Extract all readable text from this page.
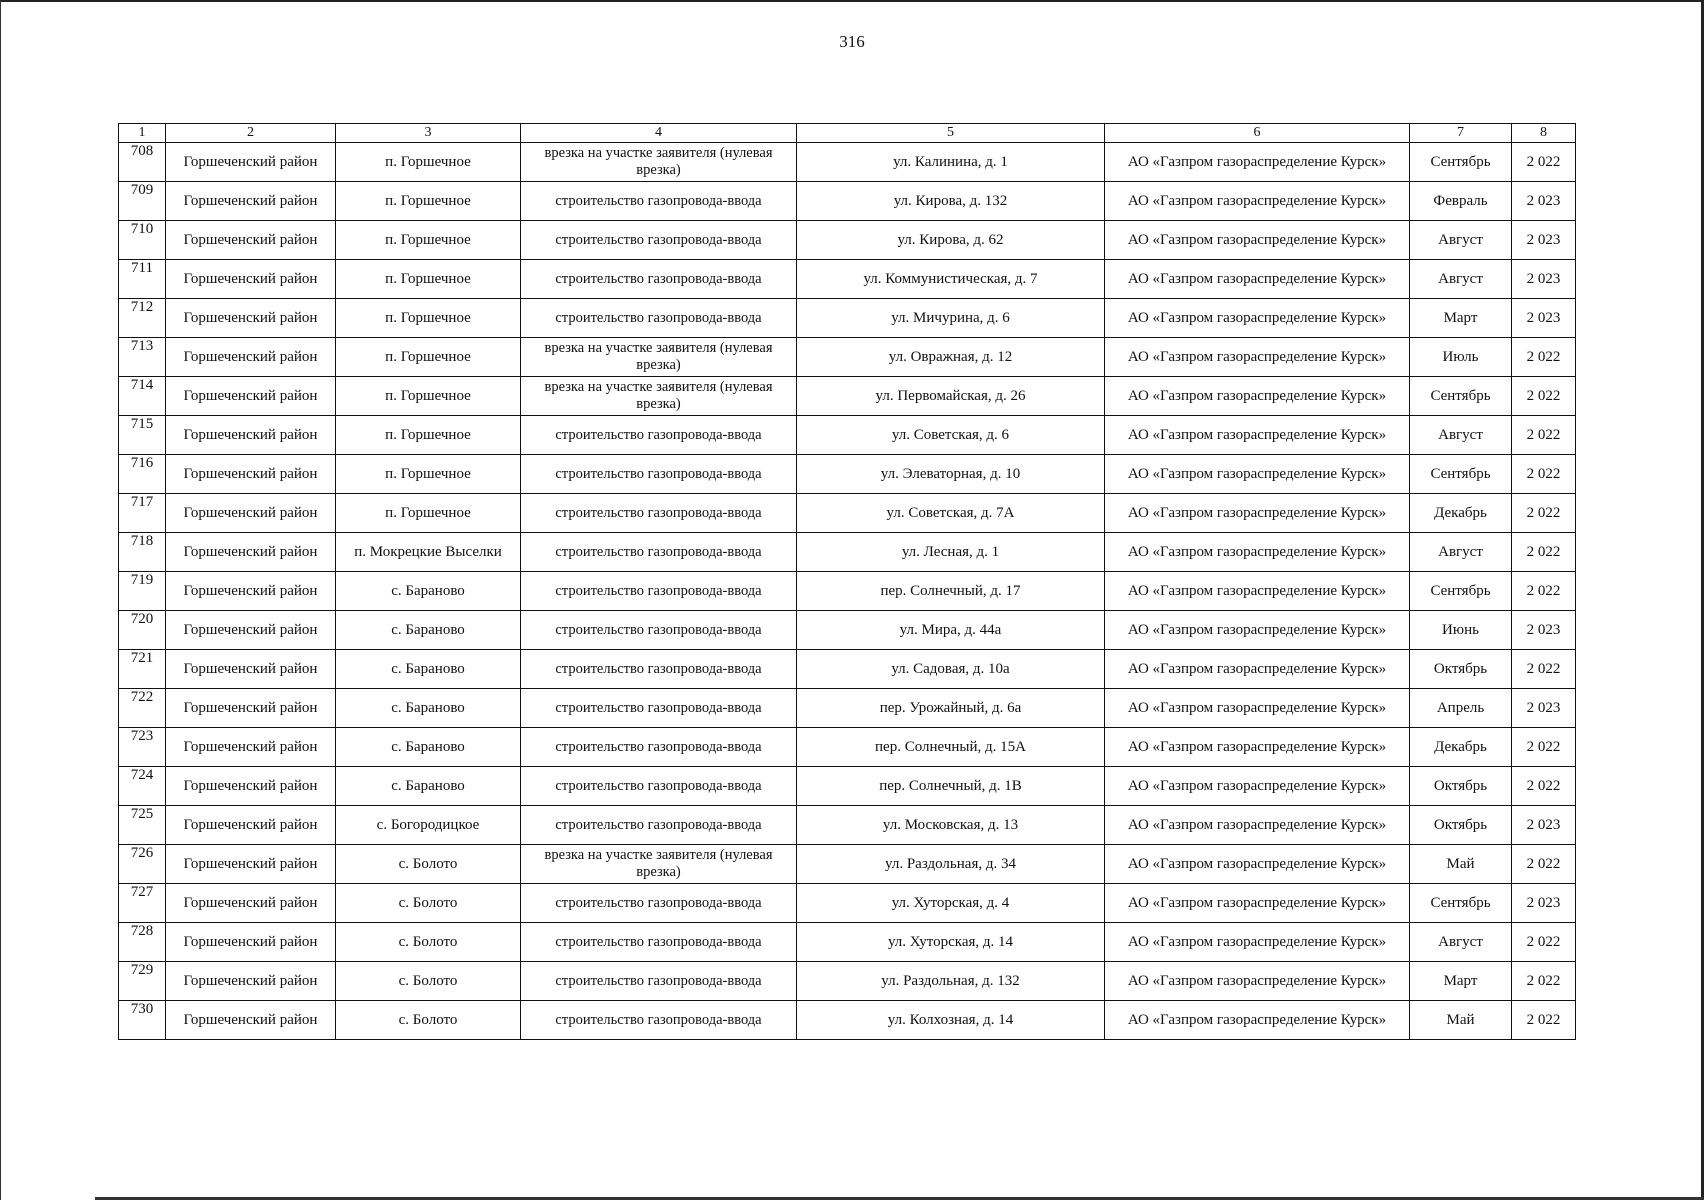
316
1	2	3	4	5	6	7	8
708	Горшеченский район	п. Горшечное	врезка на участке заявителя (нулевая врезка)	ул. Калинина, д. 1	АО «Газпром газораспределение Курск»	Сентябрь	2 022
709	Горшеченский район	п. Горшечное	строительство газопровода-ввода	ул. Кирова, д. 132	АО «Газпром газораспределение Курск»	Февраль	2 023
710	Горшеченский район	п. Горшечное	строительство газопровода-ввода	ул. Кирова, д. 62	АО «Газпром газораспределение Курск»	Август	2 023
711	Горшеченский район	п. Горшечное	строительство газопровода-ввода	ул. Коммунистическая, д. 7	АО «Газпром газораспределение Курск»	Август	2 023
712	Горшеченский район	п. Горшечное	строительство газопровода-ввода	ул. Мичурина, д. 6	АО «Газпром газораспределение Курск»	Март	2 023
713	Горшеченский район	п. Горшечное	врезка на участке заявителя (нулевая врезка)	ул. Овражная, д. 12	АО «Газпром газораспределение Курск»	Июль	2 022
714	Горшеченский район	п. Горшечное	врезка на участке заявителя (нулевая врезка)	ул. Первомайская, д. 26	АО «Газпром газораспределение Курск»	Сентябрь	2 022
715	Горшеченский район	п. Горшечное	строительство газопровода-ввода	ул. Советская, д. 6	АО «Газпром газораспределение Курск»	Август	2 022
716	Горшеченский район	п. Горшечное	строительство газопровода-ввода	ул. Элеваторная, д. 10	АО «Газпром газораспределение Курск»	Сентябрь	2 022
717	Горшеченский район	п. Горшечное	строительство газопровода-ввода	ул. Советская, д. 7А	АО «Газпром газораспределение Курск»	Декабрь	2 022
718	Горшеченский район	п. Мокрецкие Выселки	строительство газопровода-ввода	ул. Лесная, д. 1	АО «Газпром газораспределение Курск»	Август	2 022
719	Горшеченский район	с. Бараново	строительство газопровода-ввода	пер. Солнечный, д. 17	АО «Газпром газораспределение Курск»	Сентябрь	2 022
720	Горшеченский район	с. Бараново	строительство газопровода-ввода	ул. Мира, д. 44а	АО «Газпром газораспределение Курск»	Июнь	2 023
721	Горшеченский район	с. Бараново	строительство газопровода-ввода	ул. Садовая, д. 10а	АО «Газпром газораспределение Курск»	Октябрь	2 022
722	Горшеченский район	с. Бараново	строительство газопровода-ввода	пер. Урожайный, д. 6а	АО «Газпром газораспределение Курск»	Апрель	2 023
723	Горшеченский район	с. Бараново	строительство газопровода-ввода	пер. Солнечный, д. 15А	АО «Газпром газораспределение Курск»	Декабрь	2 022
724	Горшеченский район	с. Бараново	строительство газопровода-ввода	пер. Солнечный, д. 1В	АО «Газпром газораспределение Курск»	Октябрь	2 022
725	Горшеченский район	с. Богородицкое	строительство газопровода-ввода	ул. Московская, д. 13	АО «Газпром газораспределение Курск»	Октябрь	2 023
726	Горшеченский район	с. Болото	врезка на участке заявителя (нулевая врезка)	ул. Раздольная, д. 34	АО «Газпром газораспределение Курск»	Май	2 022
727	Горшеченский район	с. Болото	строительство газопровода-ввода	ул. Хуторская, д. 4	АО «Газпром газораспределение Курск»	Сентябрь	2 023
728	Горшеченский район	с. Болото	строительство газопровода-ввода	ул. Хуторская, д. 14	АО «Газпром газораспределение Курск»	Август	2 022
729	Горшеченский район	с. Болото	строительство газопровода-ввода	ул. Раздольная, д. 132	АО «Газпром газораспределение Курск»	Март	2 022
730	Горшеченский район	с. Болото	строительство газопровода-ввода	ул. Колхозная, д. 14	АО «Газпром газораспределение Курск»	Май	2 022
